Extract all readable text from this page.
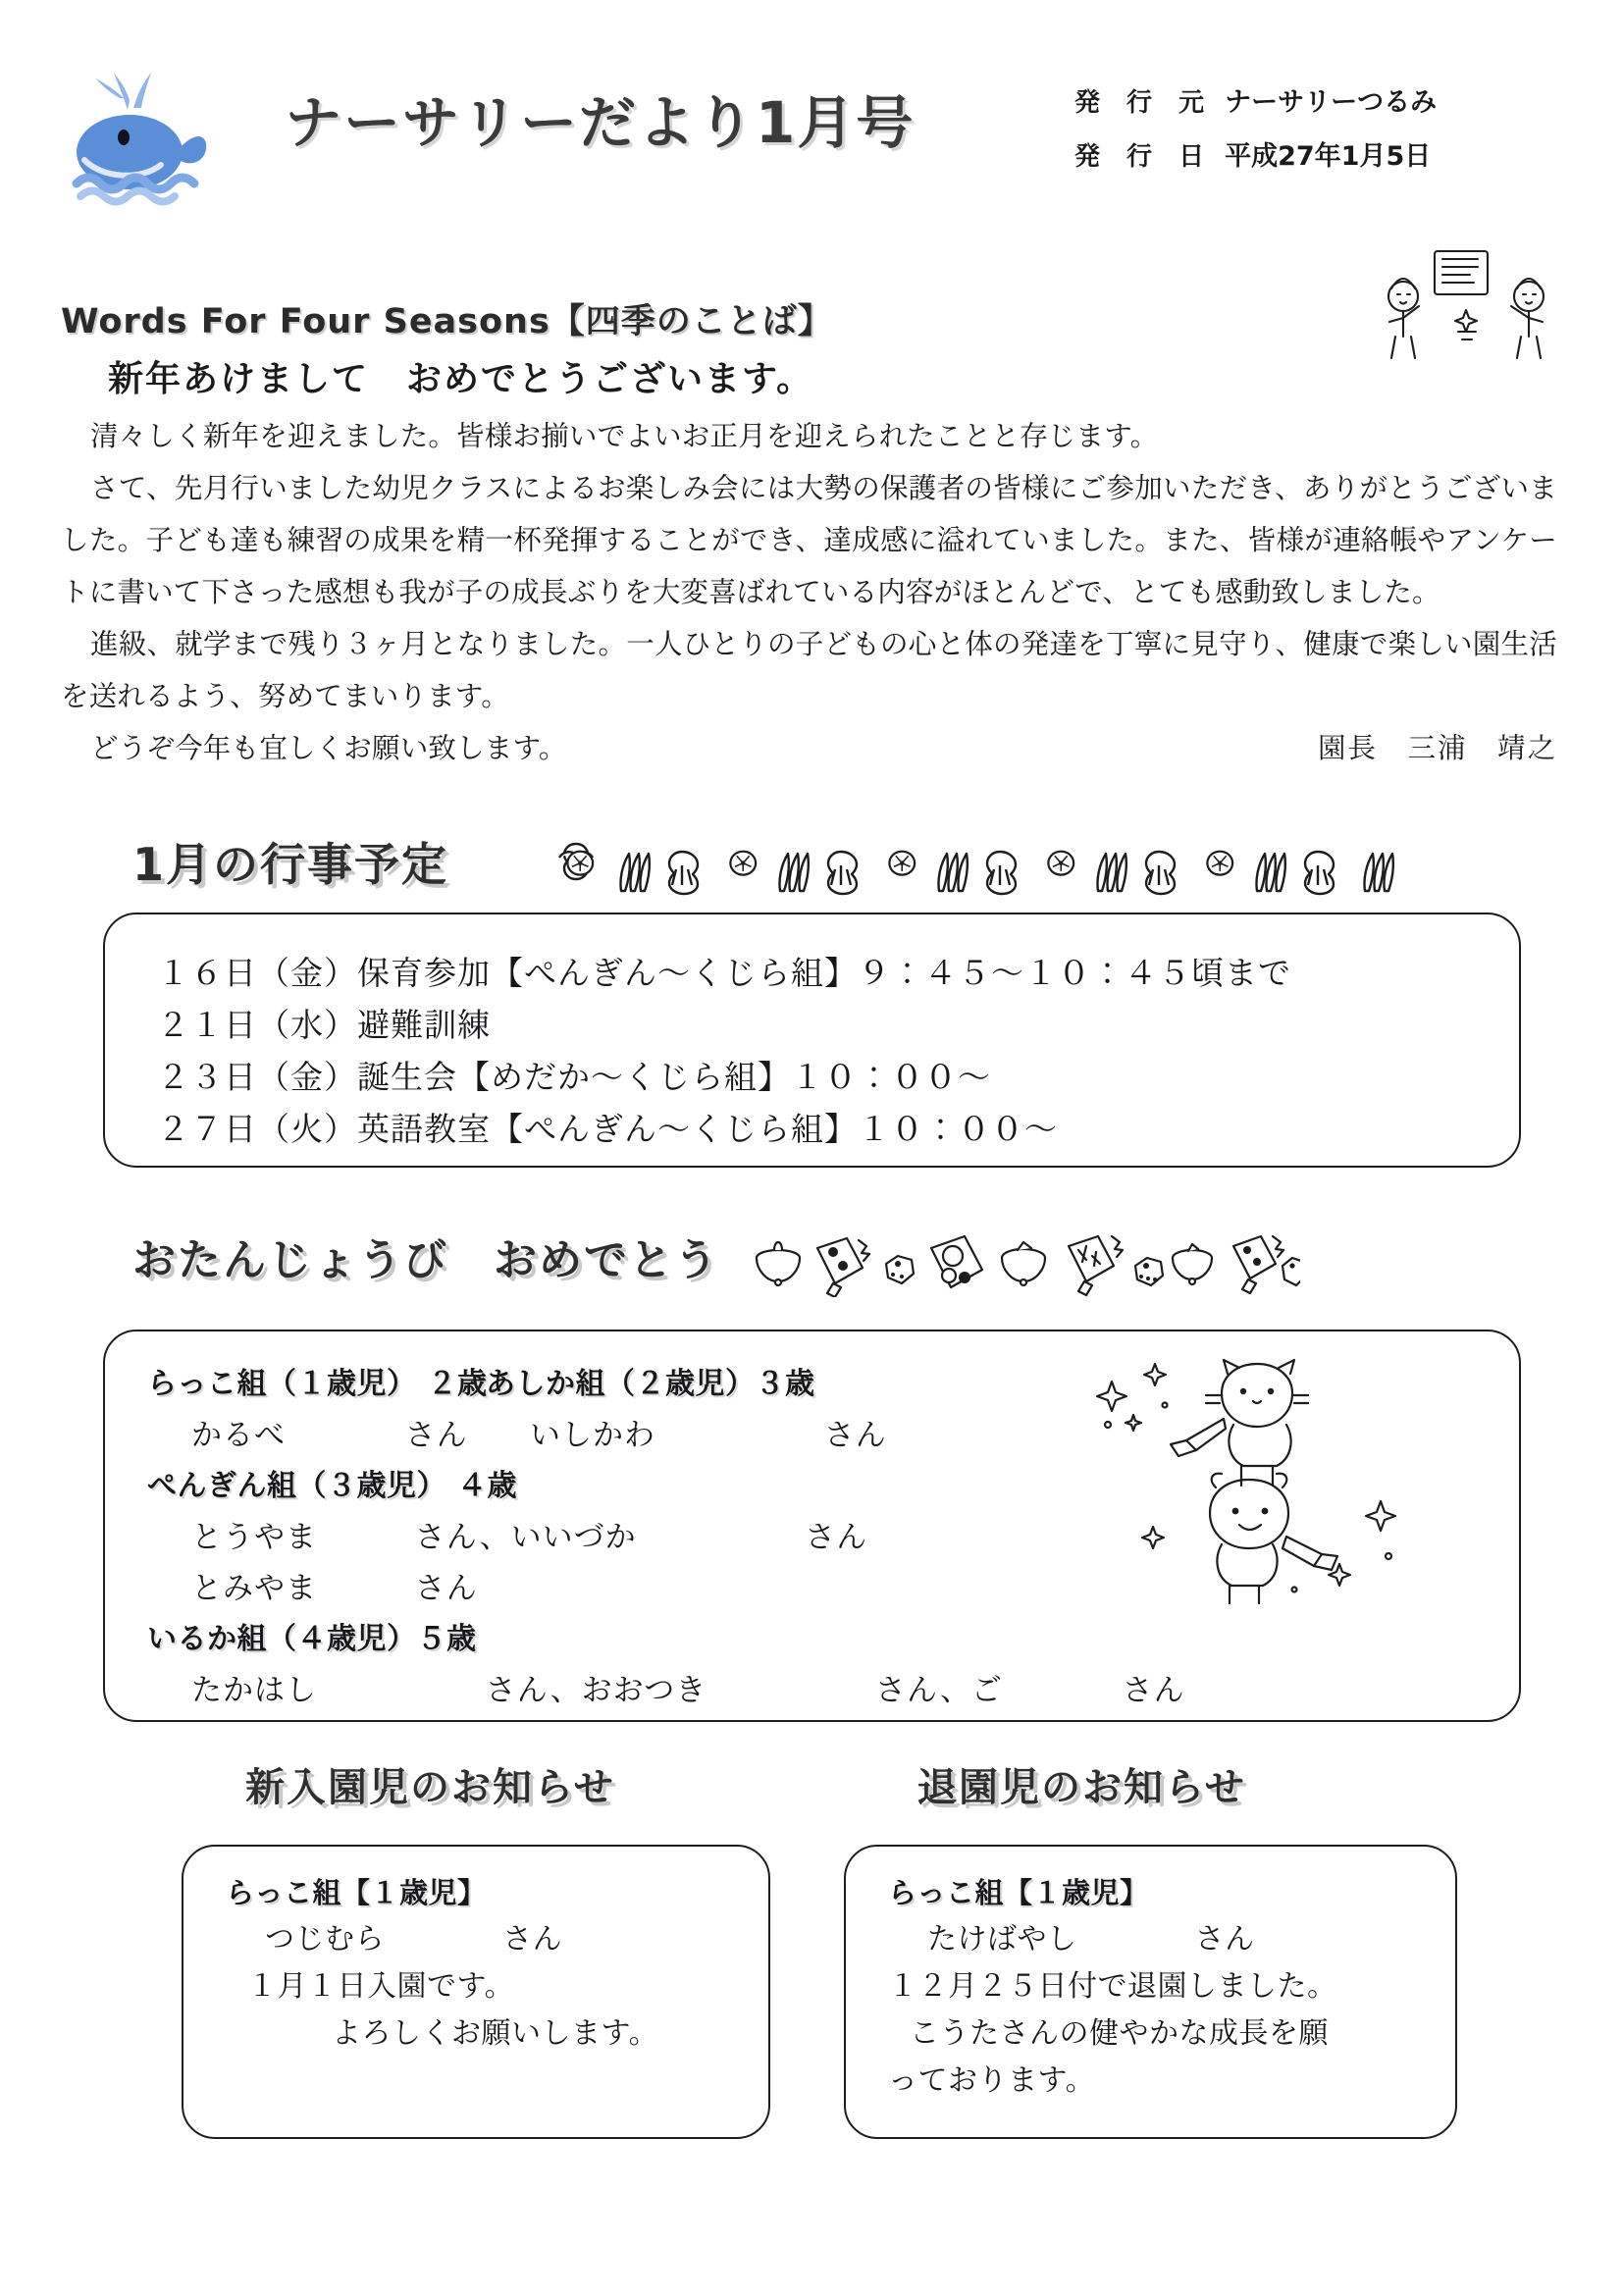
ナーサリーだより1月号	発 行 元 ナーサリーつるみ
発 行 日 平成27年1月5日
Words For Four Seasons【四季のことば】
新年あけまして　おめでとうございます。

清々しく新年を迎えました。皆様お揃いでよいお正月を迎えられたことと存じます。

さて、先月行いました幼児クラスによるお楽しみ会には大勢の保護者の皆様にご参加いただき、ありがとうございました。子ども達も練習の成果を精一杯発揮することができ、達成感に溢れていました。また、皆様が連絡帳やアンケートに書いて下さった感想も我が子の成長ぶりを大変喜ばれている内容がほとんどで、とても感動致しました。

進級、就学まで残り３ヶ月となりました。一人ひとりの子どもの心と体の発達を丁寧に見守り、健康で楽しい園生活を送れるよう、努めてまいります。

どうぞ今年も宜しくお願い致します。	園長　三浦　靖之
1月の行事予定
１６日（金）保育参加【ぺんぎん～くじら組】９：４５～１０：４５頃まで
２１日（水）避難訓練
２３日（金）誕生会【めだか～くじら組】１０：００～
２７日（火）英語教室【ぺんぎん～くじら組】１０：００～
おたんじょうび　おめでとう
らっこ組（１歳児） ２歳
あしか組（２歳児）３歳
かるべ	さん	いしかわ	さん
ぺんぎん組（３歳児） ４歳
とうやま	さん、いいづか	さん
とみやま	さん
いるか組（４歳児）５歳
たかはし	さん、おおつき	さん、ご	さん
新入園児のお知らせ	退園児のお知らせ
らっこ組【１歳児】
つじむら	さん
１月１日入園です。
よろしくお願いします。
らっこ組【１歳児】
たけばやし	さん
１２月２５日付で退園しました。
こうたさんの健やかな成長を願
っております。
